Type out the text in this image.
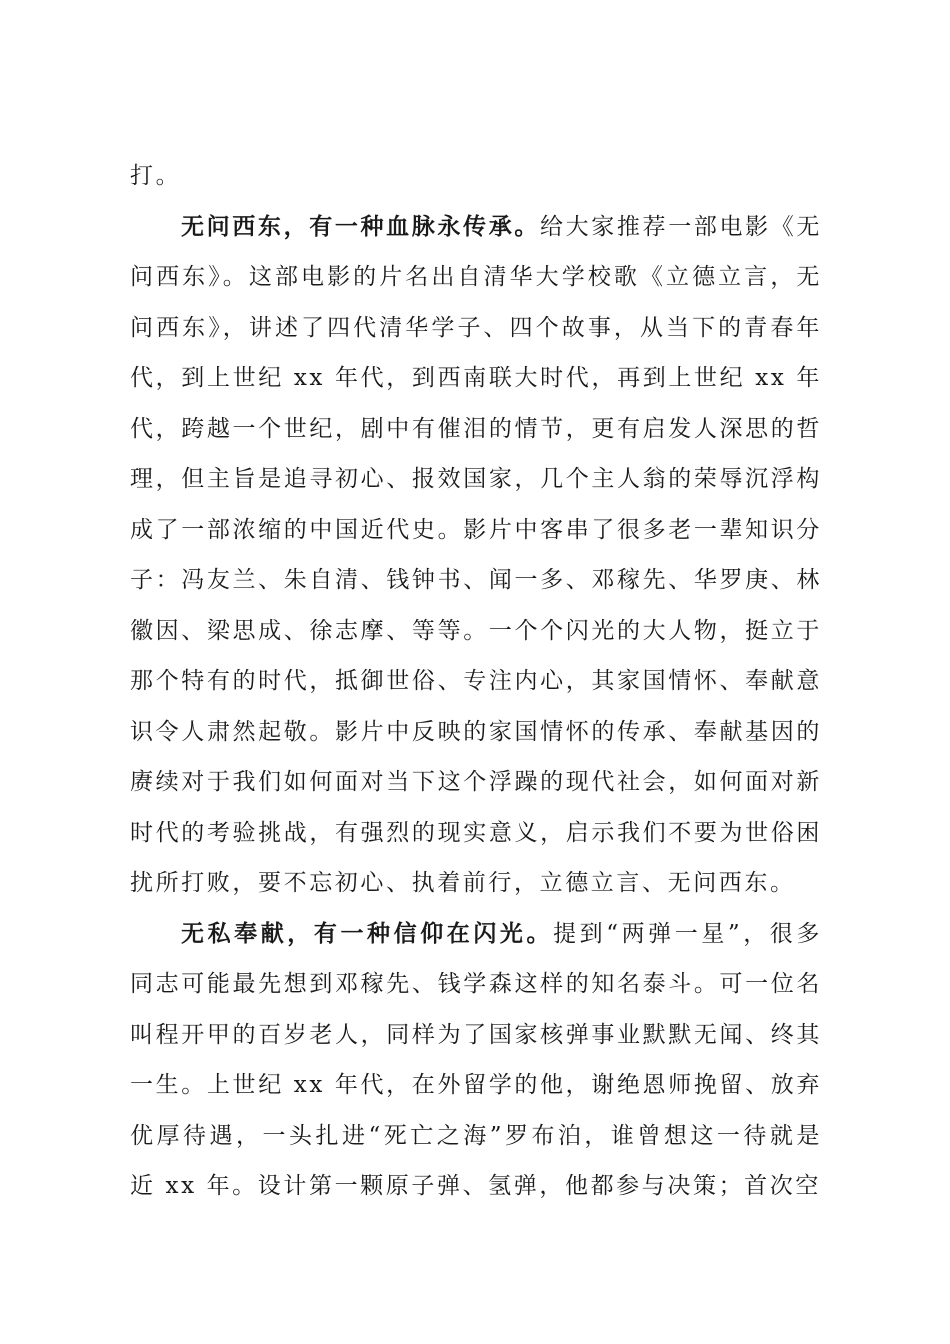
打。

无问西东，有一种血脉永传承。给大家推荐一部电影《无问西东》。这部电影的片名出自清华大学校歌《立德立言，无问西东》，讲述了四代清华学子、四个故事，从当下的青春年代，到上世纪 xx 年代，到西南联大时代，再到上世纪 xx 年代，跨越一个世纪，剧中有催泪的情节，更有启发人深思的哲理，但主旨是追寻初心、报效国家，几个主人翁的荣辱沉浮构成了一部浓缩的中国近代史。影片中客串了很多老一辈知识分子：冯友兰、朱自清、钱钟书、闻一多、邓稼先、华罗庚、林徽因、梁思成、徐志摩、等等。一个个闪光的大人物，挺立于那个特有的时代，抵御世俗、专注内心，其家国情怀、奉献意识令人肃然起敬。影片中反映的家国情怀的传承、奉献基因的赓续对于我们如何面对当下这个浮躁的现代社会，如何面对新时代的考验挑战，有强烈的现实意义，启示我们不要为世俗困扰所打败，要不忘初心、执着前行，立德立言、无问西东。

无私奉献，有一种信仰在闪光。提到“两弹一星”，很多同志可能最先想到邓稼先、钱学森这样的知名泰斗。可一位名叫程开甲的百岁老人，同样为了国家核弹事业默默无闻、终其一生。上世纪 xx 年代，在外留学的他，谢绝恩师挽留、放弃优厚待遇，一头扎进“死亡之海”罗布泊，谁曾想这一待就是近 xx 年。设计第一颗原子弹、氢弹，他都参与决策；首次空
